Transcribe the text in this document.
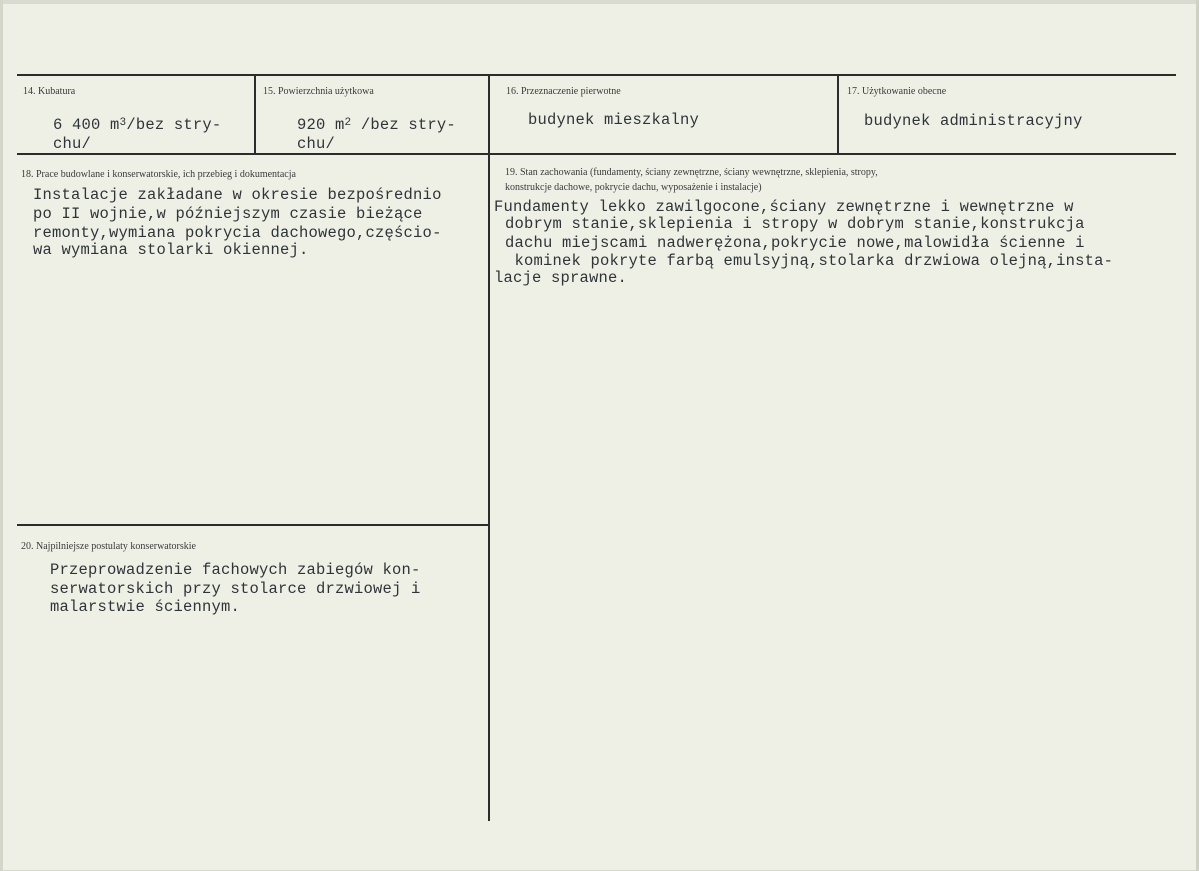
14. Kubatura
6 400 $m^3$/bez stry-
chu/
15. Powierzchnia użytkowa
920 $m^2$ /bez stry-
chu/
16. Przeznaczenie pierwotne
budynek mieszkalny
17. Użytkowanie obecne
budynek administracyjny
18. Prace budowlane i konserwatorskie, ich przebieg i dokumentacja
Instalacje zakładane w okresie bezpośrednio
po II wojnie,w późniejszym czasie bieżące
remonty,wymiana pokrycia dachowego,częścio-
wa wymiana stolarki okiennej.
19. Stan zachowania (fundamenty, ściany zewnętrzne, ściany wewnętrzne, sklepienia, stropy,
konstrukcje dachowe, pokrycie dachu, wyposażenie i instalacje)
Fundamenty lekko zawilgocone,ściany zewnętrzne i wewnętrzne w
dobrym stanie,sklepienia i stropy w dobrym stanie,konstrukcja
dachu miejscami nadwerężona,pokrycie nowe,malowidła ścienne i
kominek pokryte farbą emulsyjną,stolarka drzwiowa olejną,insta-
lacje sprawne.
20. Najpilniejsze postulaty konserwatorskie
Przeprowadzenie fachowych zabiegów kon-
serwatorskich przy stolarce drzwiowej i
malarstwie ściennym.
